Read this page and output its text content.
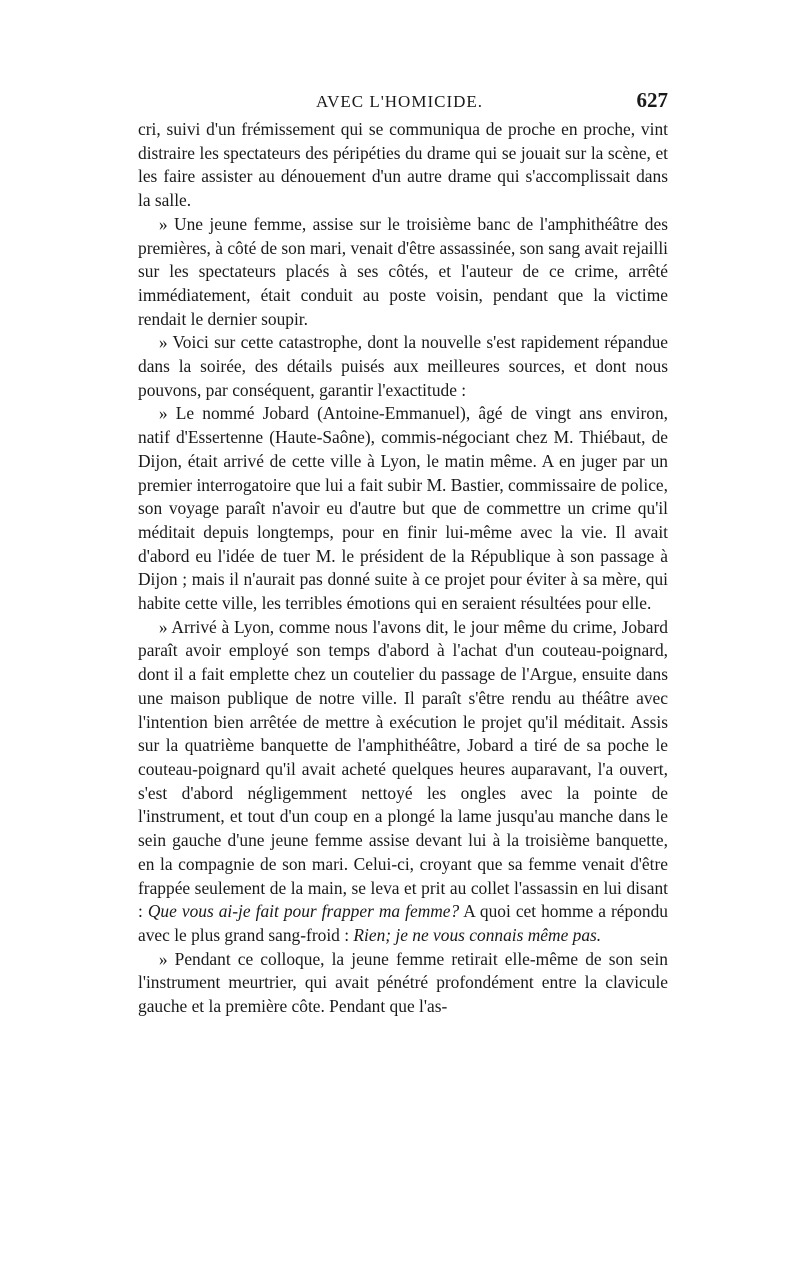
AVEC L'HOMICIDE.	627

cri, suivi d'un frémissement qui se communiqua de proche en proche, vint distraire les spectateurs des péripéties du drame qui se jouait sur la scène, et les faire assister au dénouement d'un autre drame qui s'accomplissait dans la salle.

» Une jeune femme, assise sur le troisième banc de l'amphithéâtre des premières, à côté de son mari, venait d'être assassinée, son sang avait rejailli sur les spectateurs placés à ses côtés, et l'auteur de ce crime, arrêté immédiatement, était conduit au poste voisin, pendant que la victime rendait le dernier soupir.

» Voici sur cette catastrophe, dont la nouvelle s'est rapidement répandue dans la soirée, des détails puisés aux meilleures sources, et dont nous pouvons, par conséquent, garantir l'exactitude :

» Le nommé Jobard (Antoine-Emmanuel), âgé de vingt ans environ, natif d'Essertenne (Haute-Saône), commis-négociant chez M. Thiébaut, de Dijon, était arrivé de cette ville à Lyon, le matin même. A en juger par un premier interrogatoire que lui a fait subir M. Bastier, commissaire de police, son voyage paraît n'avoir eu d'autre but que de commettre un crime qu'il méditait depuis longtemps, pour en finir lui-même avec la vie. Il avait d'abord eu l'idée de tuer M. le président de la République à son passage à Dijon ; mais il n'aurait pas donné suite à ce projet pour éviter à sa mère, qui habite cette ville, les terribles émotions qui en seraient résultées pour elle.

» Arrivé à Lyon, comme nous l'avons dit, le jour même du crime, Jobard paraît avoir employé son temps d'abord à l'achat d'un couteau-poignard, dont il a fait emplette chez un coutelier du passage de l'Argue, ensuite dans une maison publique de notre ville. Il paraît s'être rendu au théâtre avec l'intention bien arrêtée de mettre à exécution le projet qu'il méditait. Assis sur la quatrième banquette de l'amphithéâtre, Jobard a tiré de sa poche le couteau-poignard qu'il avait acheté quelques heures auparavant, l'a ouvert, s'est d'abord négligemment nettoyé les ongles avec la pointe de l'instrument, et tout d'un coup en a plongé la lame jusqu'au manche dans le sein gauche d'une jeune femme assise devant lui à la troisième banquette, en la compagnie de son mari. Celui-ci, croyant que sa femme venait d'être frappée seulement de la main, se leva et prit au collet l'assassin en lui disant : Que vous ai-je fait pour frapper ma femme? A quoi cet homme a répondu avec le plus grand sang-froid : Rien; je ne vous connais même pas.

» Pendant ce colloque, la jeune femme retirait elle-même de son sein l'instrument meurtrier, qui avait pénétré profondément entre la clavicule gauche et la première côte. Pendant que l'as-
